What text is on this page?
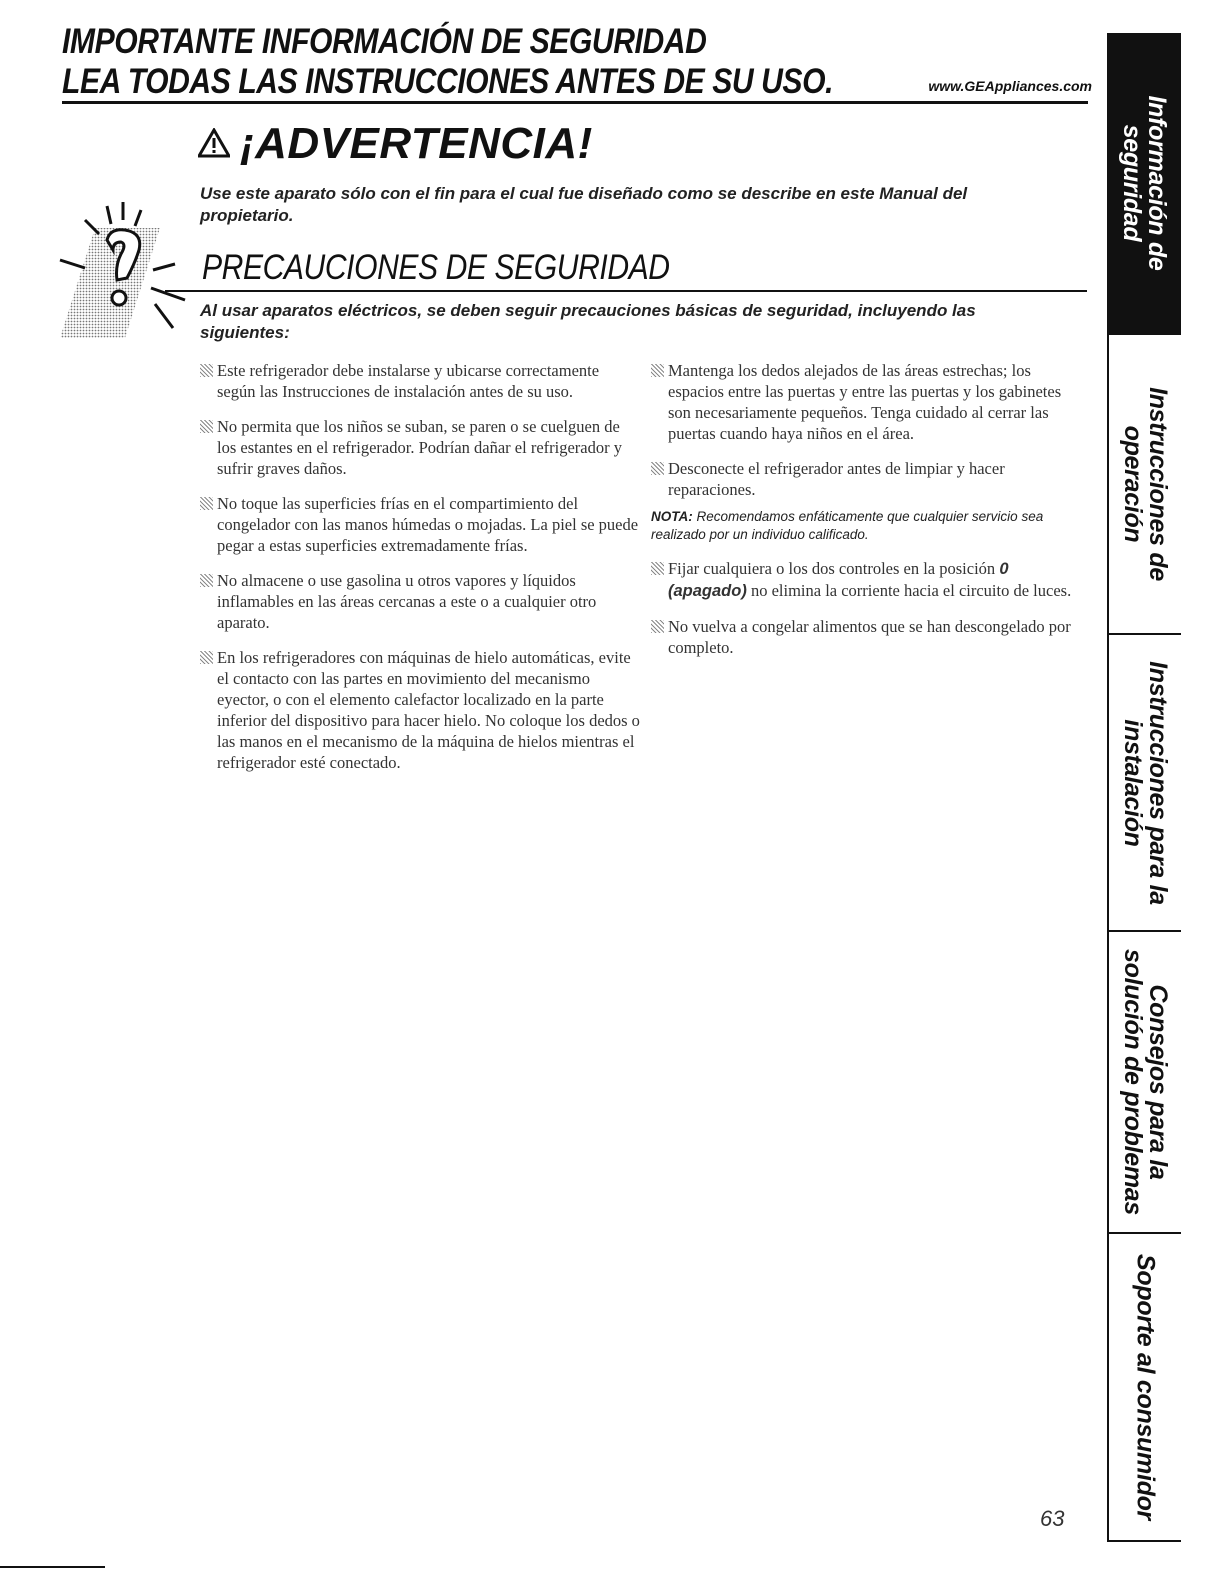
IMPORTANTE INFORMACIÓN DE SEGURIDAD
LEA TODAS LAS INSTRUCCIONES ANTES DE SU USO.	www.GEAppliances.com
¡ADVERTENCIA!
Use este aparato sólo con el fin para el cual fue diseñado como se describe en este Manual del propietario.
PRECAUCIONES DE SEGURIDAD
Al usar aparatos eléctricos, se deben seguir precauciones básicas de seguridad, incluyendo las siguientes:
Este refrigerador debe instalarse y ubicarse correctamente según las Instrucciones de instalación antes de su uso.
No permita que los niños se suban, se paren o se cuelguen de los estantes en el refrigerador. Podrían dañar el refrigerador y sufrir graves daños.
No toque las superficies frías en el compartimiento del congelador con las manos húmedas o mojadas. La piel se puede pegar a estas superficies extremadamente frías.
No almacene o use gasolina u otros vapores y líquidos inflamables en las áreas cercanas a este o a cualquier otro aparato.
En los refrigeradores con máquinas de hielo automáticas, evite el contacto con las partes en movimiento del mecanismo eyector, o con el elemento calefactor localizado en la parte inferior del dispositivo para hacer hielo. No coloque los dedos o las manos en el mecanismo de la máquina de hielos mientras el refrigerador esté conectado.
Mantenga los dedos alejados de las áreas estrechas; los espacios entre las puertas y entre las puertas y los gabinetes son necesariamente pequeños. Tenga cuidado al cerrar las puertas cuando haya niños en el área.
Desconecte el refrigerador antes de limpiar y hacer reparaciones.
NOTA: Recomendamos enfáticamente que cualquier servicio sea realizado por un individuo calificado.
Fijar cualquiera o los dos controles en la posición 0 (apagado) no elimina la corriente hacia el circuito de luces.
No vuelva a congelar alimentos que se han descongelado por completo.
Información de
seguridad
Instrucciones de
operación
Instrucciones para la
instalación
Consejos para la
solución de problemas
Soporte al consumidor
63
